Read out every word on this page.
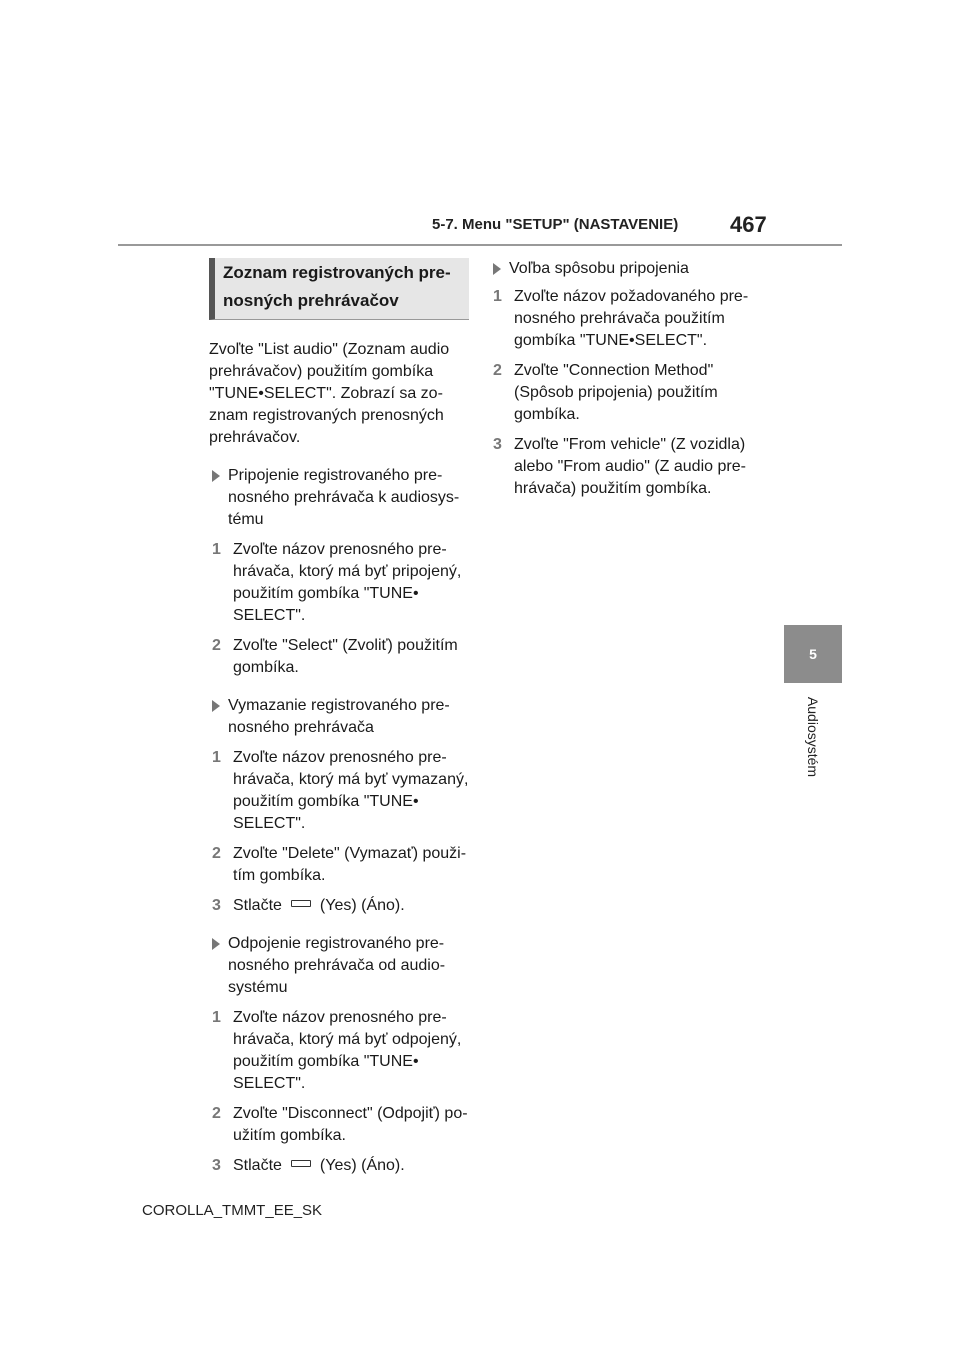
5-7. Menu "SETUP" (NASTAVENIE) 467
5
Audiosystém
Zoznam registrovaných pre-
nosných prehrávačov

Zvoľte "List audio" (Zoznam audio
prehrávačov) použitím gombíka
"TUNE•SELECT". Zobrazí sa zo-
znam registrovaných prenosných
prehrávačov.

Pripojenie registrovaného pre-
nosného prehrávača k audiosys-
tému
1 Zvoľte názov prenosného pre-
hrávača, ktorý má byť pripojený,
použitím gombíka "TUNE•
SELECT".
2 Zvoľte "Select" (Zvoliť) použitím
gombíka.
Vymazanie registrovaného pre-
nosného prehrávača
1 Zvoľte názov prenosného pre-
hrávača, ktorý má byť vymazaný,
použitím gombíka "TUNE•
SELECT".
2 Zvoľte "Delete" (Vymazať) použi-
tím gombíka.
3 Stlačte (Yes) (Áno).
Odpojenie registrovaného pre-
nosného prehrávača od audio-
systému
1 Zvoľte názov prenosného pre-
hrávača, ktorý má byť odpojený,
použitím gombíka "TUNE•
SELECT".
2 Zvoľte "Disconnect" (Odpojiť) po-
užitím gombíka.
3 Stlačte (Yes) (Áno).
Voľba spôsobu pripojenia
1 Zvoľte názov požadovaného pre-
nosného prehrávača použitím
gombíka "TUNE•SELECT".
2 Zvoľte "Connection Method"
(Spôsob pripojenia) použitím
gombíka.
3 Zvoľte "From vehicle" (Z vozidla)
alebo "From audio" (Z audio pre-
hrávača) použitím gombíka.
COROLLA_TMMT_EE_SK
